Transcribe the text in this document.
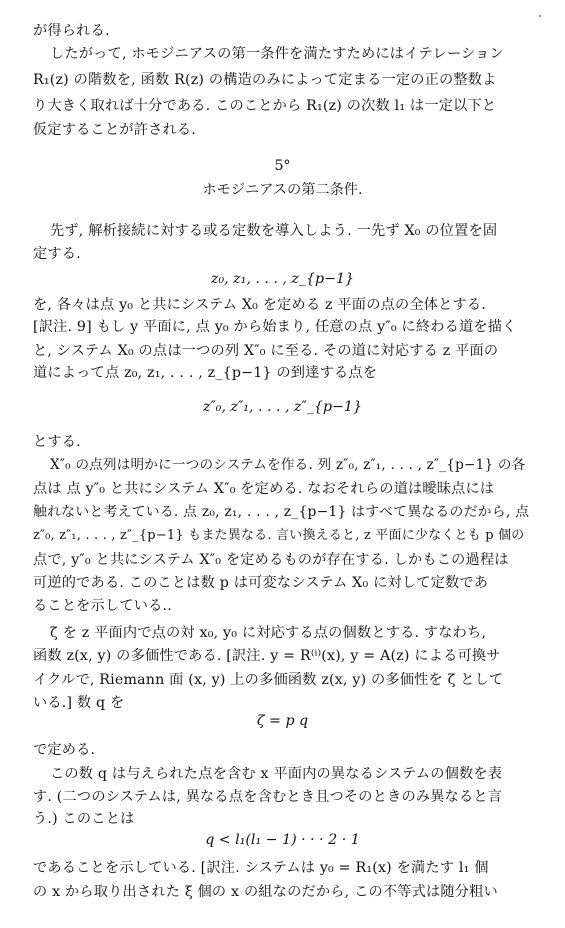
が得られる.
したがって, ホモジニアスの第一条件を満たすためにはイテレーション
R₁(z) の階数を, 函数 R(z) の構造のみによって定まる一定の正の整数よ
り大きく取れば十分である. このことから R₁(z) の次数 l₁ は一定以下と
仮定することが許される.
5°
ホモジニアスの第二条件.
先ず, 解析接続に対する或る定数を導入しよう. 一先ず X₀ の位置を固
定する.
z₀, z₁, . . . , z_{p−1}
を, 各々は点 y₀ と共にシステム X₀ を定める z 平面の点の全体とする.
[訳注. 9] もし y 平面に, 点 y₀ から始まり, 任意の点 y″₀ に終わる道を描く
と, システム X₀ の点は一つの列 X″₀ に至る. その道に対応する z 平面の
道によって点 z₀, z₁, . . . , z_{p−1} の到達する点を
z″₀, z″₁, . . . , z″_{p−1}
とする.
X″₀ の点列は明かに一つのシステムを作る. 列 z″₀, z″₁, . . . , z″_{p−1} の各
点は 点 y″₀ と共にシステム X″₀ を定める. なおそれらの道は曖昧点には
触れないと考えている. 点 z₀, z₁, . . . , z_{p−1} はすべて異なるのだから, 点
z″₀, z″₁, . . . , z″_{p−1} もまた異なる. 言い換えると, z 平面に少なくとも p 個の
点で, y″₀ と共にシステム X″₀ を定めるものが存在する. しかもこの過程は
可逆的である. このことは数 p は可変なシステム X₀ に対して定数であ
ることを示している..
ζ を z 平面内で点の対 x₀, y₀ に対応する点の個数とする. すなわち,
函数 z(x, y) の多価性である. [訳注. y = R⁽ⁱ⁾(x), y = A(z) による可換サ
イクルで, Riemann 面 (x, y) 上の多価函数 z(x, y) の多価性を ζ として
いる.] 数 q を
ζ = p q
で定める.
この数 q は与えられた点を含む x 平面内の異なるシステムの個数を表
す. (二つのシステムは, 異なる点を含むとき且つそのときのみ異なると言
う.) このことは
q < l₁(l₁ − 1) · · · 2 · 1
であることを示している. [訳注. システムは y₀ = R₁(x) を満たす l₁ 個
の x から取り出された ξ 個の x の組なのだから, この不等式は随分粗い
